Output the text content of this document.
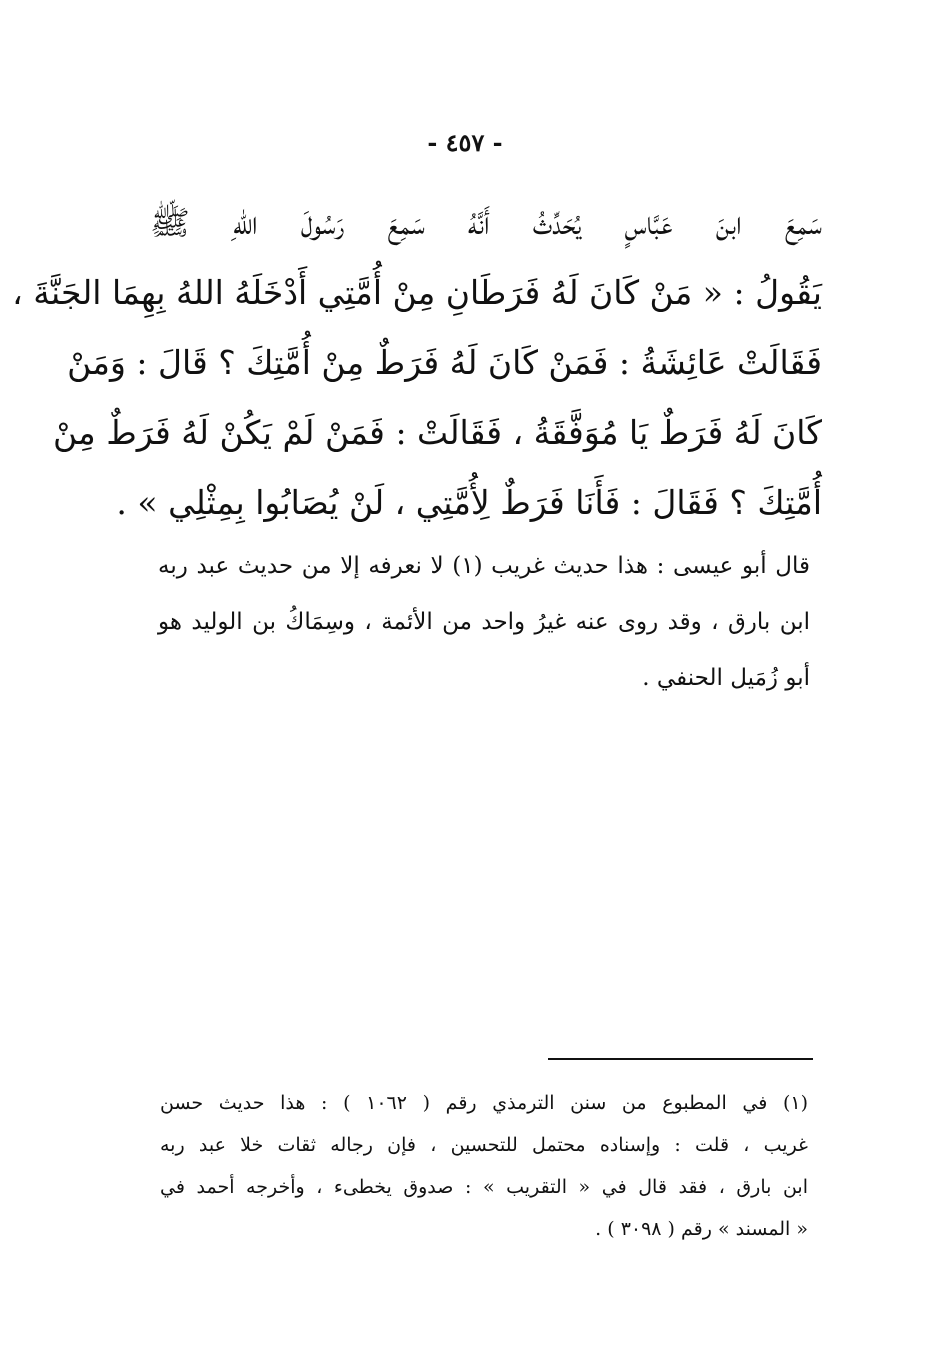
- ٤٥٧ -
سَمِعَ ابنَ عَبَّاسٍ يُحَدِّثُ أَنَّهُ سَمِعَ رَسُولَ اللهِ ﷺ
يَقُولُ : « مَنْ كَانَ لَهُ فَرَطَانِ مِنْ أُمَّتِي أَدْخَلَهُ اللهُ بِهِمَا الجَنَّةَ ،
فَقَالَتْ عَائِشَةُ : فَمَنْ كَانَ لَهُ فَرَطٌ مِنْ أُمَّتِكَ ؟ قَالَ : وَمَنْ
كَانَ لَهُ فَرَطٌ يَا مُوَفَّقَةُ ، فَقَالَتْ : فَمَنْ لَمْ يَكُنْ لَهُ فَرَطٌ مِنْ
أُمَّتِكَ ؟ فَقَالَ : فَأَنَا فَرَطٌ لِأُمَّتِي ، لَنْ يُصَابُوا بِمِثْلِي » .
قال أبو عيسى : هذا حديث غريب (١) لا نعرفه إلا من حديث عبد ربه
ابن بارق ، وقد روى عنه غيرُ واحد من الأئمة ، وسِمَاكُ بن الوليد هو
أبو زُمَيل الحنفي .
(١) في المطبوع من سنن الترمذي رقم ( ١٠٦٢ ) : هذا حديث حسن
غريب ، قلت : وإسناده محتمل للتحسين ، فإن رجاله ثقات خلا عبد ربه
ابن بارق ، فقد قال في « التقريب » : صدوق يخطىء ، وأخرجه أحمد في
« المسند » رقم ( ٣٠٩٨ ) .
